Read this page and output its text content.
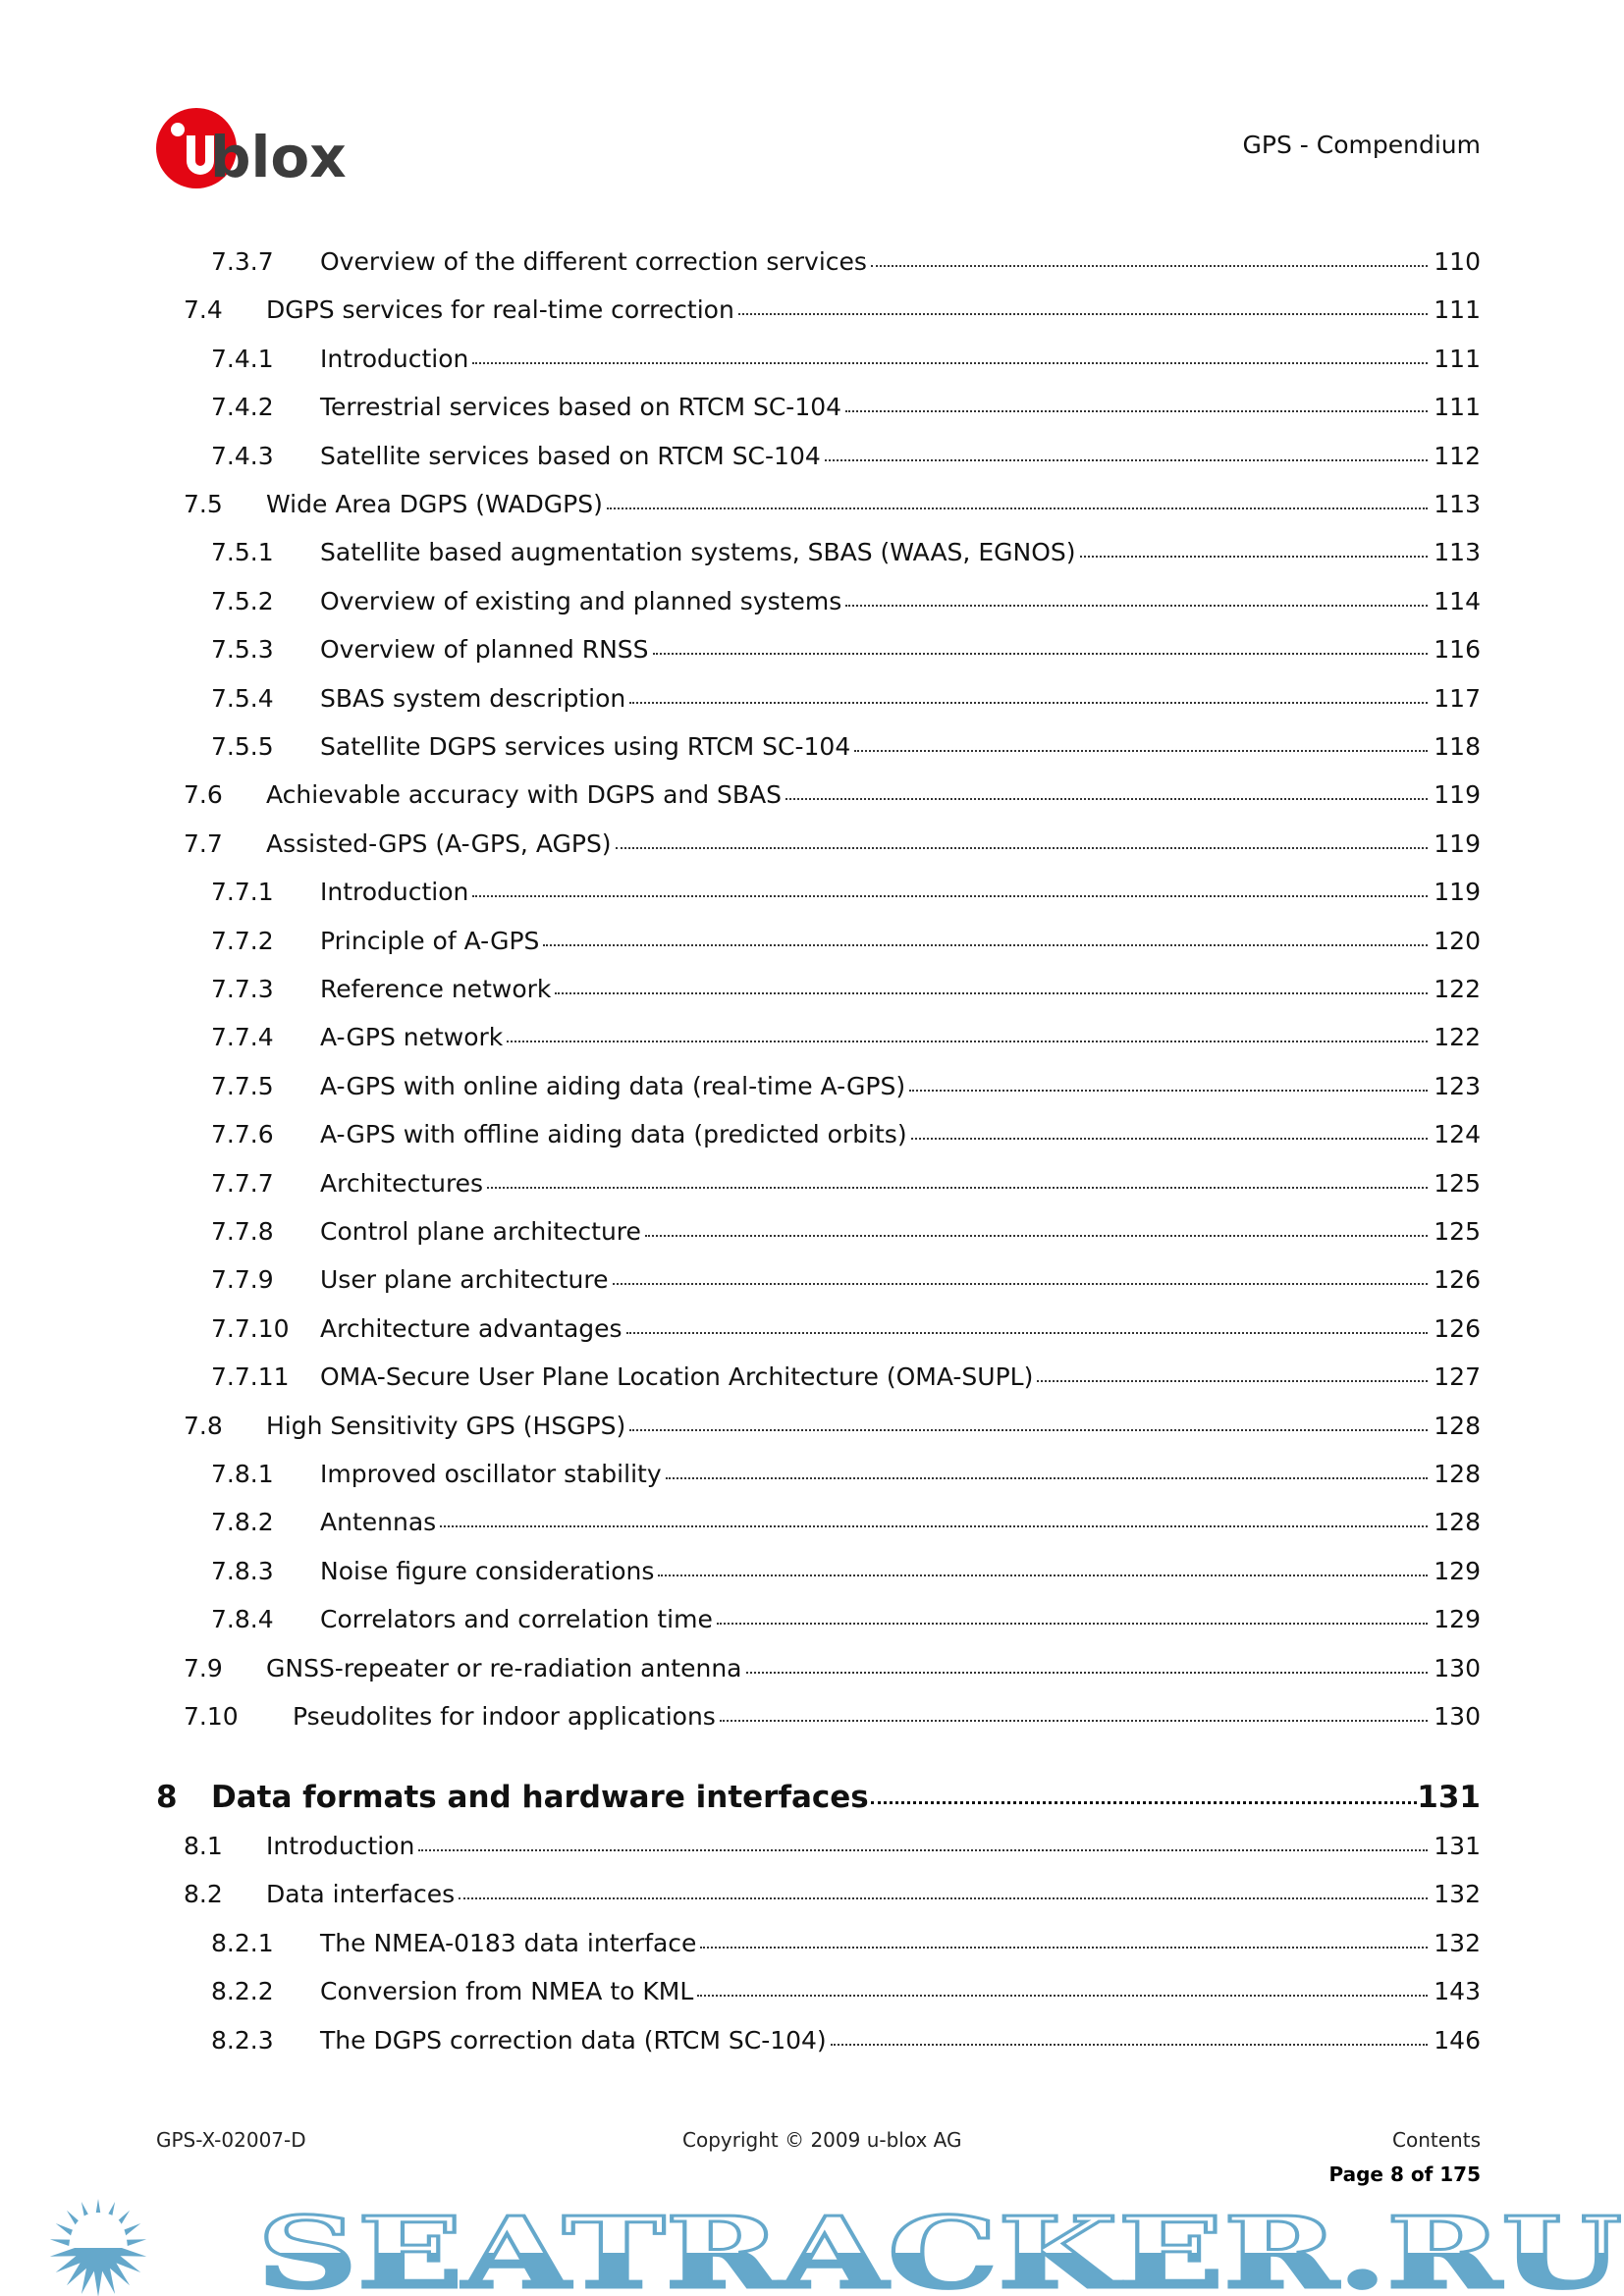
blox	GPS - Compendium
7.3.7 Overview of the different correction services	110
7.4 DGPS services for real-time correction	111
7.4.1 Introduction	111
7.4.2 Terrestrial services based on RTCM SC-104	111
7.4.3 Satellite services based on RTCM SC-104	112
7.5 Wide Area DGPS (WADGPS)	113
7.5.1 Satellite based augmentation systems, SBAS (WAAS, EGNOS)	113
7.5.2 Overview of existing and planned systems	114
7.5.3 Overview of planned RNSS	116
7.5.4 SBAS system description	117
7.5.5 Satellite DGPS services using RTCM SC-104	118
7.6 Achievable accuracy with DGPS and SBAS	119
7.7 Assisted-GPS (A-GPS, AGPS)	119
7.7.1 Introduction	119
7.7.2 Principle of A-GPS	120
7.7.3 Reference network	122
7.7.4 A-GPS network	122
7.7.5 A-GPS with online aiding data (real-time A-GPS)	123
7.7.6 A-GPS with offline aiding data (predicted orbits)	124
7.7.7 Architectures	125
7.7.8 Control plane architecture	125
7.7.9 User plane architecture	126
7.7.10 Architecture advantages	126
7.7.11 OMA-Secure User Plane Location Architecture (OMA-SUPL)	127
7.8 High Sensitivity GPS (HSGPS)	128
7.8.1 Improved oscillator stability	128
7.8.2 Antennas	128
7.8.3 Noise figure considerations	129
7.8.4 Correlators and correlation time	129
7.9 GNSS-repeater or re-radiation antenna	130
7.10 Pseudolites for indoor applications	130
8 Data formats and hardware interfaces	131
8.1 Introduction	131
8.2 Data interfaces	132
8.2.1 The NMEA-0183 data interface	132
8.2.2 Conversion from NMEA to KML	143
8.2.3 The DGPS correction data (RTCM SC-104)	146
GPS-X-02007-D	Copyright © 2009 u-blox AG	Contents
Page 8 of 175
SEATRACKER.RU
